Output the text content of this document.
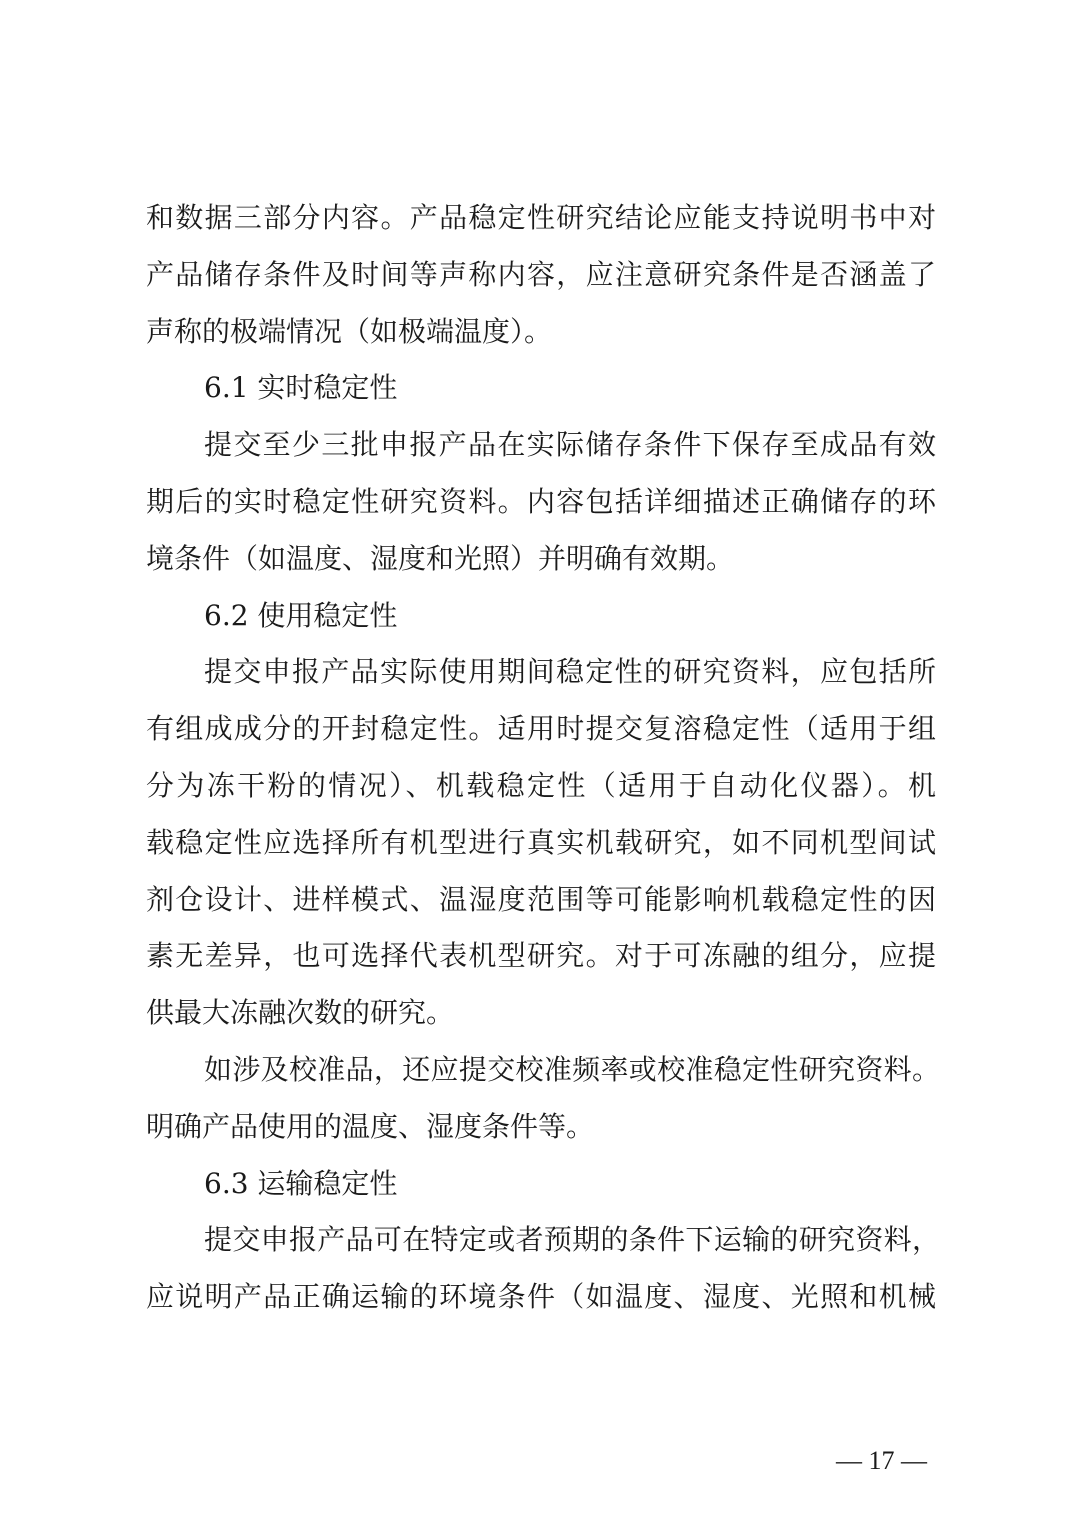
和数据三部分内容。产品稳定性研究结论应能支持说明书中对
产品储存条件及时间等声称内容，应注意研究条件是否涵盖了
声称的极端情况（如极端温度）。
6.1 实时稳定性
提交至少三批申报产品在实际储存条件下保存至成品有效
期后的实时稳定性研究资料。内容包括详细描述正确储存的环
境条件（如温度、湿度和光照）并明确有效期。
6.2 使用稳定性
提交申报产品实际使用期间稳定性的研究资料，应包括所
有组成成分的开封稳定性。适用时提交复溶稳定性（适用于组
分为冻干粉的情况）、机载稳定性（适用于自动化仪器）。机
载稳定性应选择所有机型进行真实机载研究，如不同机型间试
剂仓设计、进样模式、温湿度范围等可能影响机载稳定性的因
素无差异，也可选择代表机型研究。对于可冻融的组分，应提
供最大冻融次数的研究。
如涉及校准品，还应提交校准频率或校准稳定性研究资料。
明确产品使用的温度、湿度条件等。
6.3 运输稳定性
提交申报产品可在特定或者预期的条件下运输的研究资料，
应说明产品正确运输的环境条件（如温度、湿度、光照和机械
— 17 —
